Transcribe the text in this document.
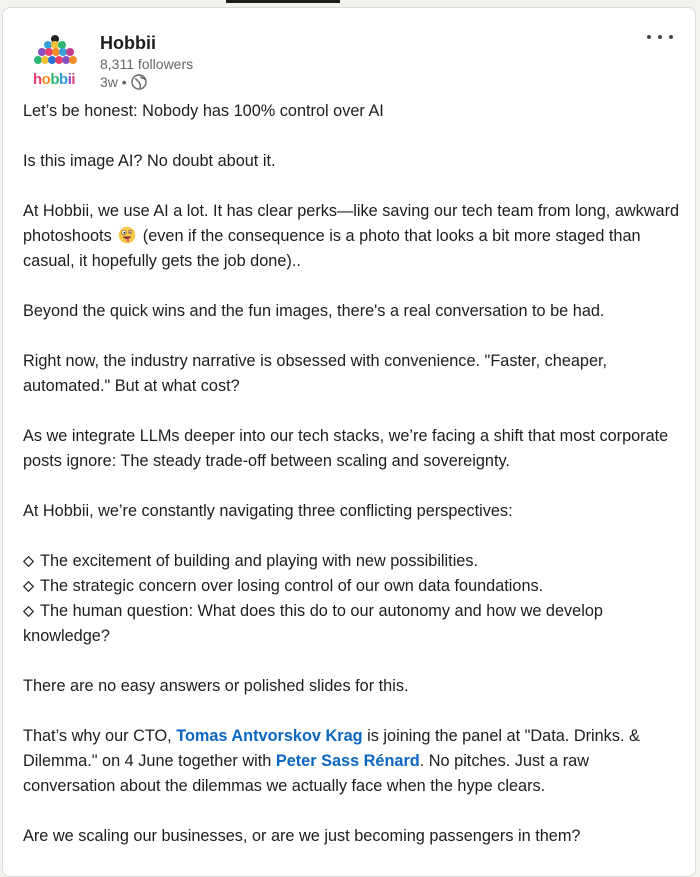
hobbii
Hobbii
8,311 followers
3w •

Let’s be honest: Nobody has 100% control over AI

Is this image AI? No doubt about it.

At Hobbii, we use AI a lot. It has clear perks—like saving our tech team from long, awkward photoshoots (even if the consequence is a photo that looks a bit more staged than casual, it hopefully gets the job done)..

Beyond the quick wins and the fun images, there's a real conversation to be had.

Right now, the industry narrative is obsessed with convenience. "Faster, cheaper, automated." But at what cost?

As we integrate LLMs deeper into our tech stacks, we’re facing a shift that most corporate posts ignore: The steady trade-off between scaling and sovereignty.

At Hobbii, we’re constantly navigating three conflicting perspectives:

The excitement of building and playing with new possibilities.

The strategic concern over losing control of our own data foundations.

The human question: What does this do to our autonomy and how we develop knowledge?

There are no easy answers or polished slides for this.

That’s why our CTO, Tomas Antvorskov Krag is joining the panel at "Data. Drinks. & Dilemma." on 4 June together with Peter Sass Rénard. No pitches. Just a raw conversation about the dilemmas we actually face when the hype clears.

Are we scaling our businesses, or are we just becoming passengers in them?
